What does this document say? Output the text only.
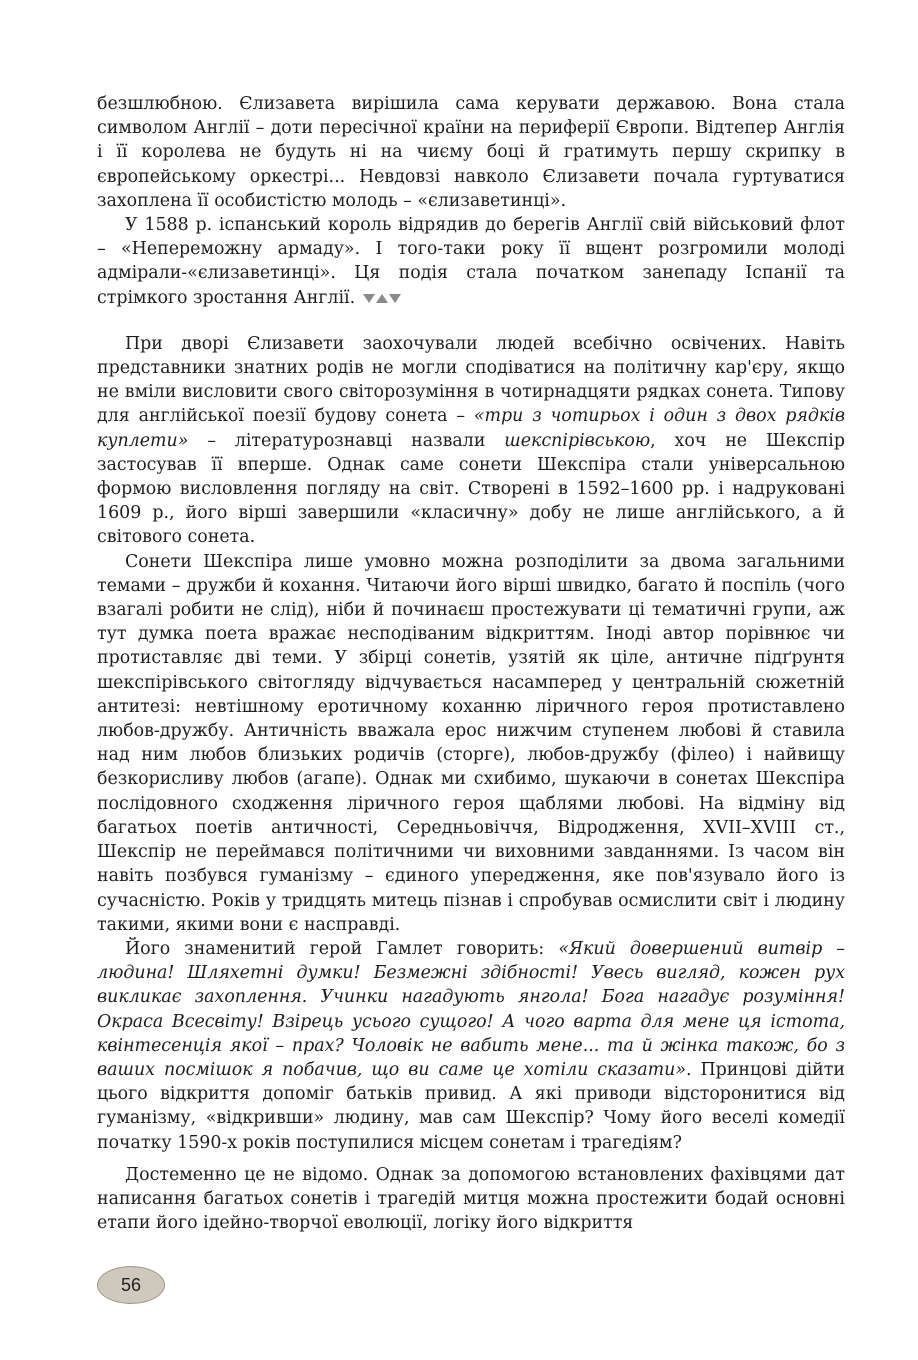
безшлюбною. Єлизавета вирішила сама керувати державою. Вона стала символом Англії – доти пересічної країни на периферії Європи. Відтепер Англія і її королева не будуть ні на чиєму боці й гратимуть першу скрипку в європейському оркестрі... Невдовзі навколо Єлизавети почала гуртуватися захоплена її особистістю молодь – «єлизаветинці».

У 1588 р. іспанський король відрядив до берегів Англії свій військовий флот – «Непереможну армаду». І того-таки року її вщент розгромили молоді адмірали-«єлизаветинці». Ця подія стала початком занепаду Іспанії та стрімкого зростання Англії.

При дворі Єлизавети заохочували людей всебічно освічених. Навіть представники знатних родів не могли сподіватися на політичну кар'єру, якщо не вміли висловити свого світорозуміння в чотирнадцяти рядках сонета. Типову для англійської поезії будову сонета – «три з чотирьох і один з двох рядків куплети» – літературознавці назвали шекспірівською, хоч не Шекспір застосував її вперше. Однак саме сонети Шекспіра стали універсальною формою висловлення погляду на світ. Створені в 1592–1600 рр. і надруковані 1609 р., його вірші завершили «класичну» добу не лише англійського, а й світового сонета.

Сонети Шекспіра лише умовно можна розподілити за двома загальними темами – дружби й кохання. Читаючи його вірші швидко, багато й поспіль (чого взагалі робити не слід), ніби й починаєш простежувати ці тематичні групи, аж тут думка поета вражає несподіваним відкриттям. Іноді автор порівнює чи протиставляє дві теми. У збірці сонетів, узятій як ціле, античне підґрунтя шекспірівського світогляду відчувається насамперед у центральній сюжетній антитезі: невтішному еротичному коханню ліричного героя протиставлено любов-дружбу. Античність вважала ерос нижчим ступенем любові й ставила над ним любов близьких родичів (сторге), любов-дружбу (філео) і найвищу безкорисливу любов (агапе). Однак ми схибимо, шукаючи в сонетах Шекспіра послідовного сходження ліричного героя щаблями любові. На відміну від багатьох поетів античності, Середньовіччя, Відродження, XVII–XVIII ст., Шекспір не переймався політичними чи виховними завданнями. Із часом він навіть позбувся гуманізму – єдиного упередження, яке пов'язувало його із сучасністю. Років у тридцять митець пізнав і спробував осмислити світ і людину такими, якими вони є насправді.

Його знаменитий герой Гамлет говорить: «Який довершений витвір – людина! Шляхетні думки! Безмежні здібності! Увесь вигляд, кожен рух викликає захоплення. Учинки нагадують янгола! Бога нагадує розуміння! Окраса Всесвіту! Взірець усього сущого! А чого варта для мене ця істота, квінтесенція якої – прах? Чоловік не вабить мене... та й жінка також, бо з ваших посмішок я побачив, що ви саме це хотіли сказати». Принцові дійти цього відкриття допоміг батьків привид. А які приводи відсторонитися від гуманізму, «відкривши» людину, мав сам Шекспір? Чому його веселі комедії початку 1590-х років поступилися місцем сонетам і трагедіям?

Достеменно це не відомо. Однак за допомогою встановлених фахівцями дат написання багатьох сонетів і трагедій митця можна простежити бодай основні етапи його ідейно-творчої еволюції, логіку його відкриття

56
